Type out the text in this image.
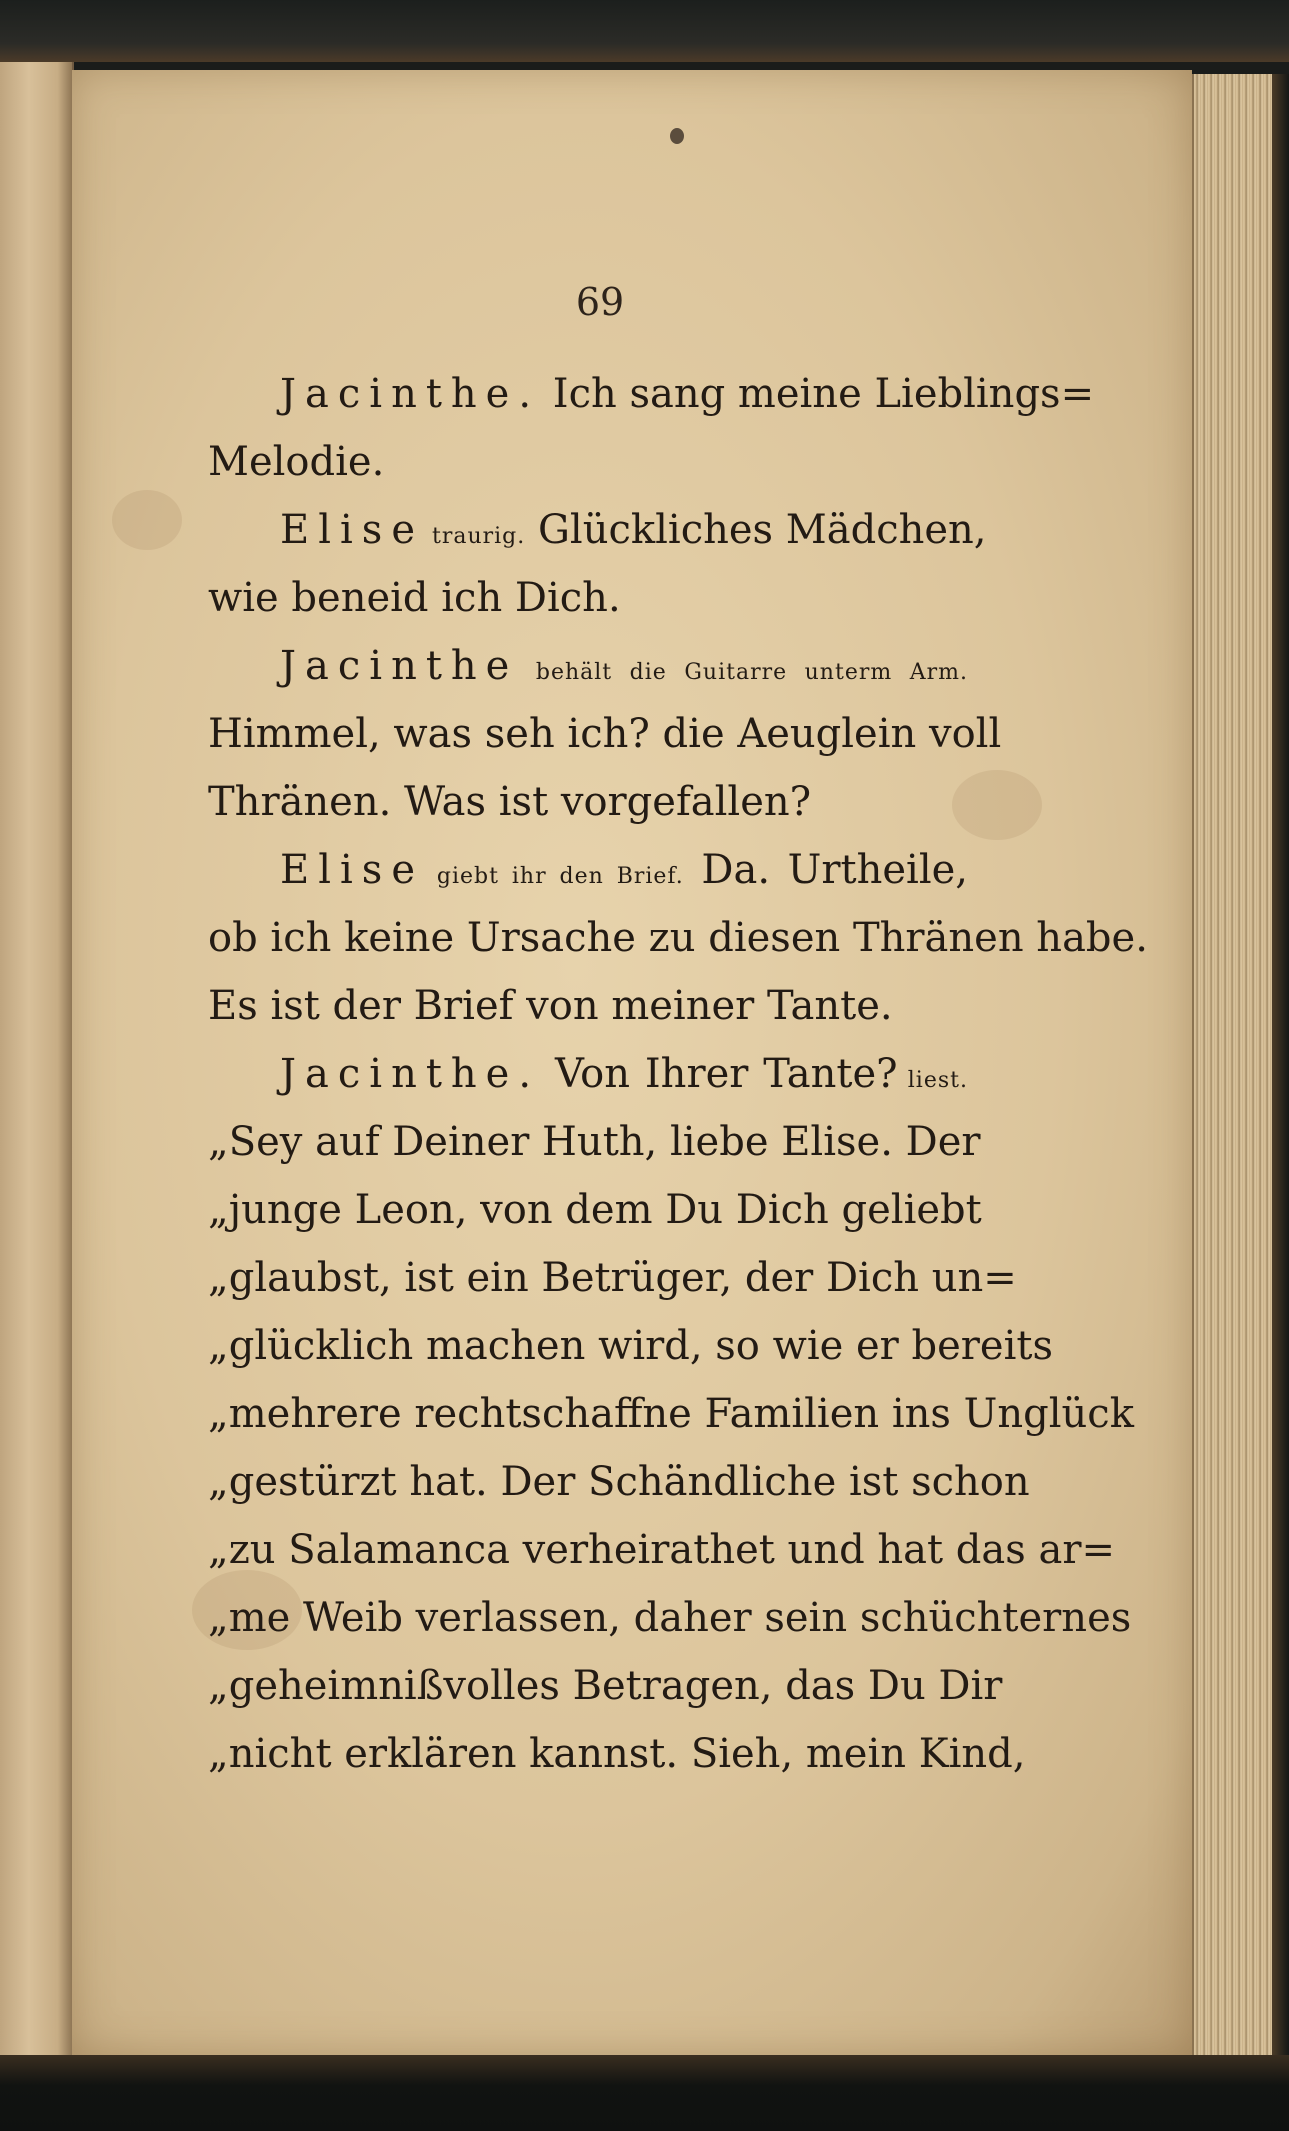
69
Jacinthe. Ich sang meine Lieblings=
Melodie.
Elise traurig. Glückliches Mädchen,
wie beneid ich Dich.
Jacinthe behält die Guitarre unterm Arm.
Himmel, was seh ich? die Aeuglein voll
Thränen. Was ist vorgefallen?
Elise giebt ihr den Brief. Da. Urtheile,
ob ich keine Ursache zu diesen Thränen habe.
Es ist der Brief von meiner Tante.
Jacinthe. Von Ihrer Tante? liest.
„Sey auf Deiner Huth, liebe Elise. Der
„junge Leon, von dem Du Dich geliebt
„glaubst, ist ein Betrüger, der Dich un=
„glücklich machen wird, so wie er bereits
„mehrere rechtschaffne Familien ins Unglück
„gestürzt hat. Der Schändliche ist schon
„zu Salamanca verheirathet und hat das ar=
„me Weib verlassen, daher sein schüchternes
„geheimnißvolles Betragen, das Du Dir
„nicht erklären kannst. Sieh, mein Kind,
